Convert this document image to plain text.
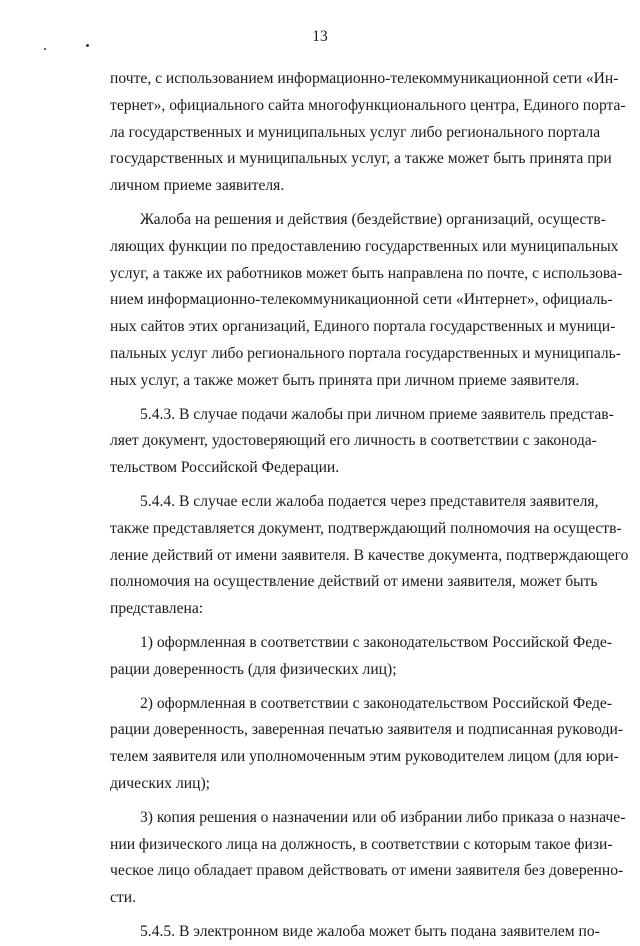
13
почте, с использованием информационно-телекоммуникационной сети «Ин-
тернет», официального сайта многофункционального центра, Единого порта-
ла государственных и муниципальных услуг либо регионального портала
государственных и муниципальных услуг, а также может быть принята при
личном приеме заявителя.
Жалоба на решения и действия (бездействие) организаций, осуществ-
ляющих функции по предоставлению государственных или муниципальных
услуг, а также их работников может быть направлена по почте, с использова-
нием информационно-телекоммуникационной сети «Интернет», официаль-
ных сайтов этих организаций, Единого портала государственных и муници-
пальных услуг либо регионального портала государственных и муниципаль-
ных услуг, а также может быть принята при личном приеме заявителя.
5.4.3. В случае подачи жалобы при личном приеме заявитель представ-
ляет документ, удостоверяющий его личность в соответствии с законода-
тельством Российской Федерации.
5.4.4. В случае если жалоба подается через представителя заявителя,
также представляется документ, подтверждающий полномочия на осуществ-
ление действий от имени заявителя. В качестве документа, подтверждающего
полномочия на осуществление действий от имени заявителя, может быть
представлена:
1) оформленная в соответствии с законодательством Российской Феде-
рации доверенность (для физических лиц);
2) оформленная в соответствии с законодательством Российской Феде-
рации доверенность, заверенная печатью заявителя и подписанная руководи-
телем заявителя или уполномоченным этим руководителем лицом (для юри-
дических лиц);
3) копия решения о назначении или об избрании либо приказа о назначе-
нии физического лица на должность, в соответствии с которым такое физи-
ческое лицо обладает правом действовать от имени заявителя без доверенно-
сти.
5.4.5. В электронном виде жалоба может быть подана заявителем по-
